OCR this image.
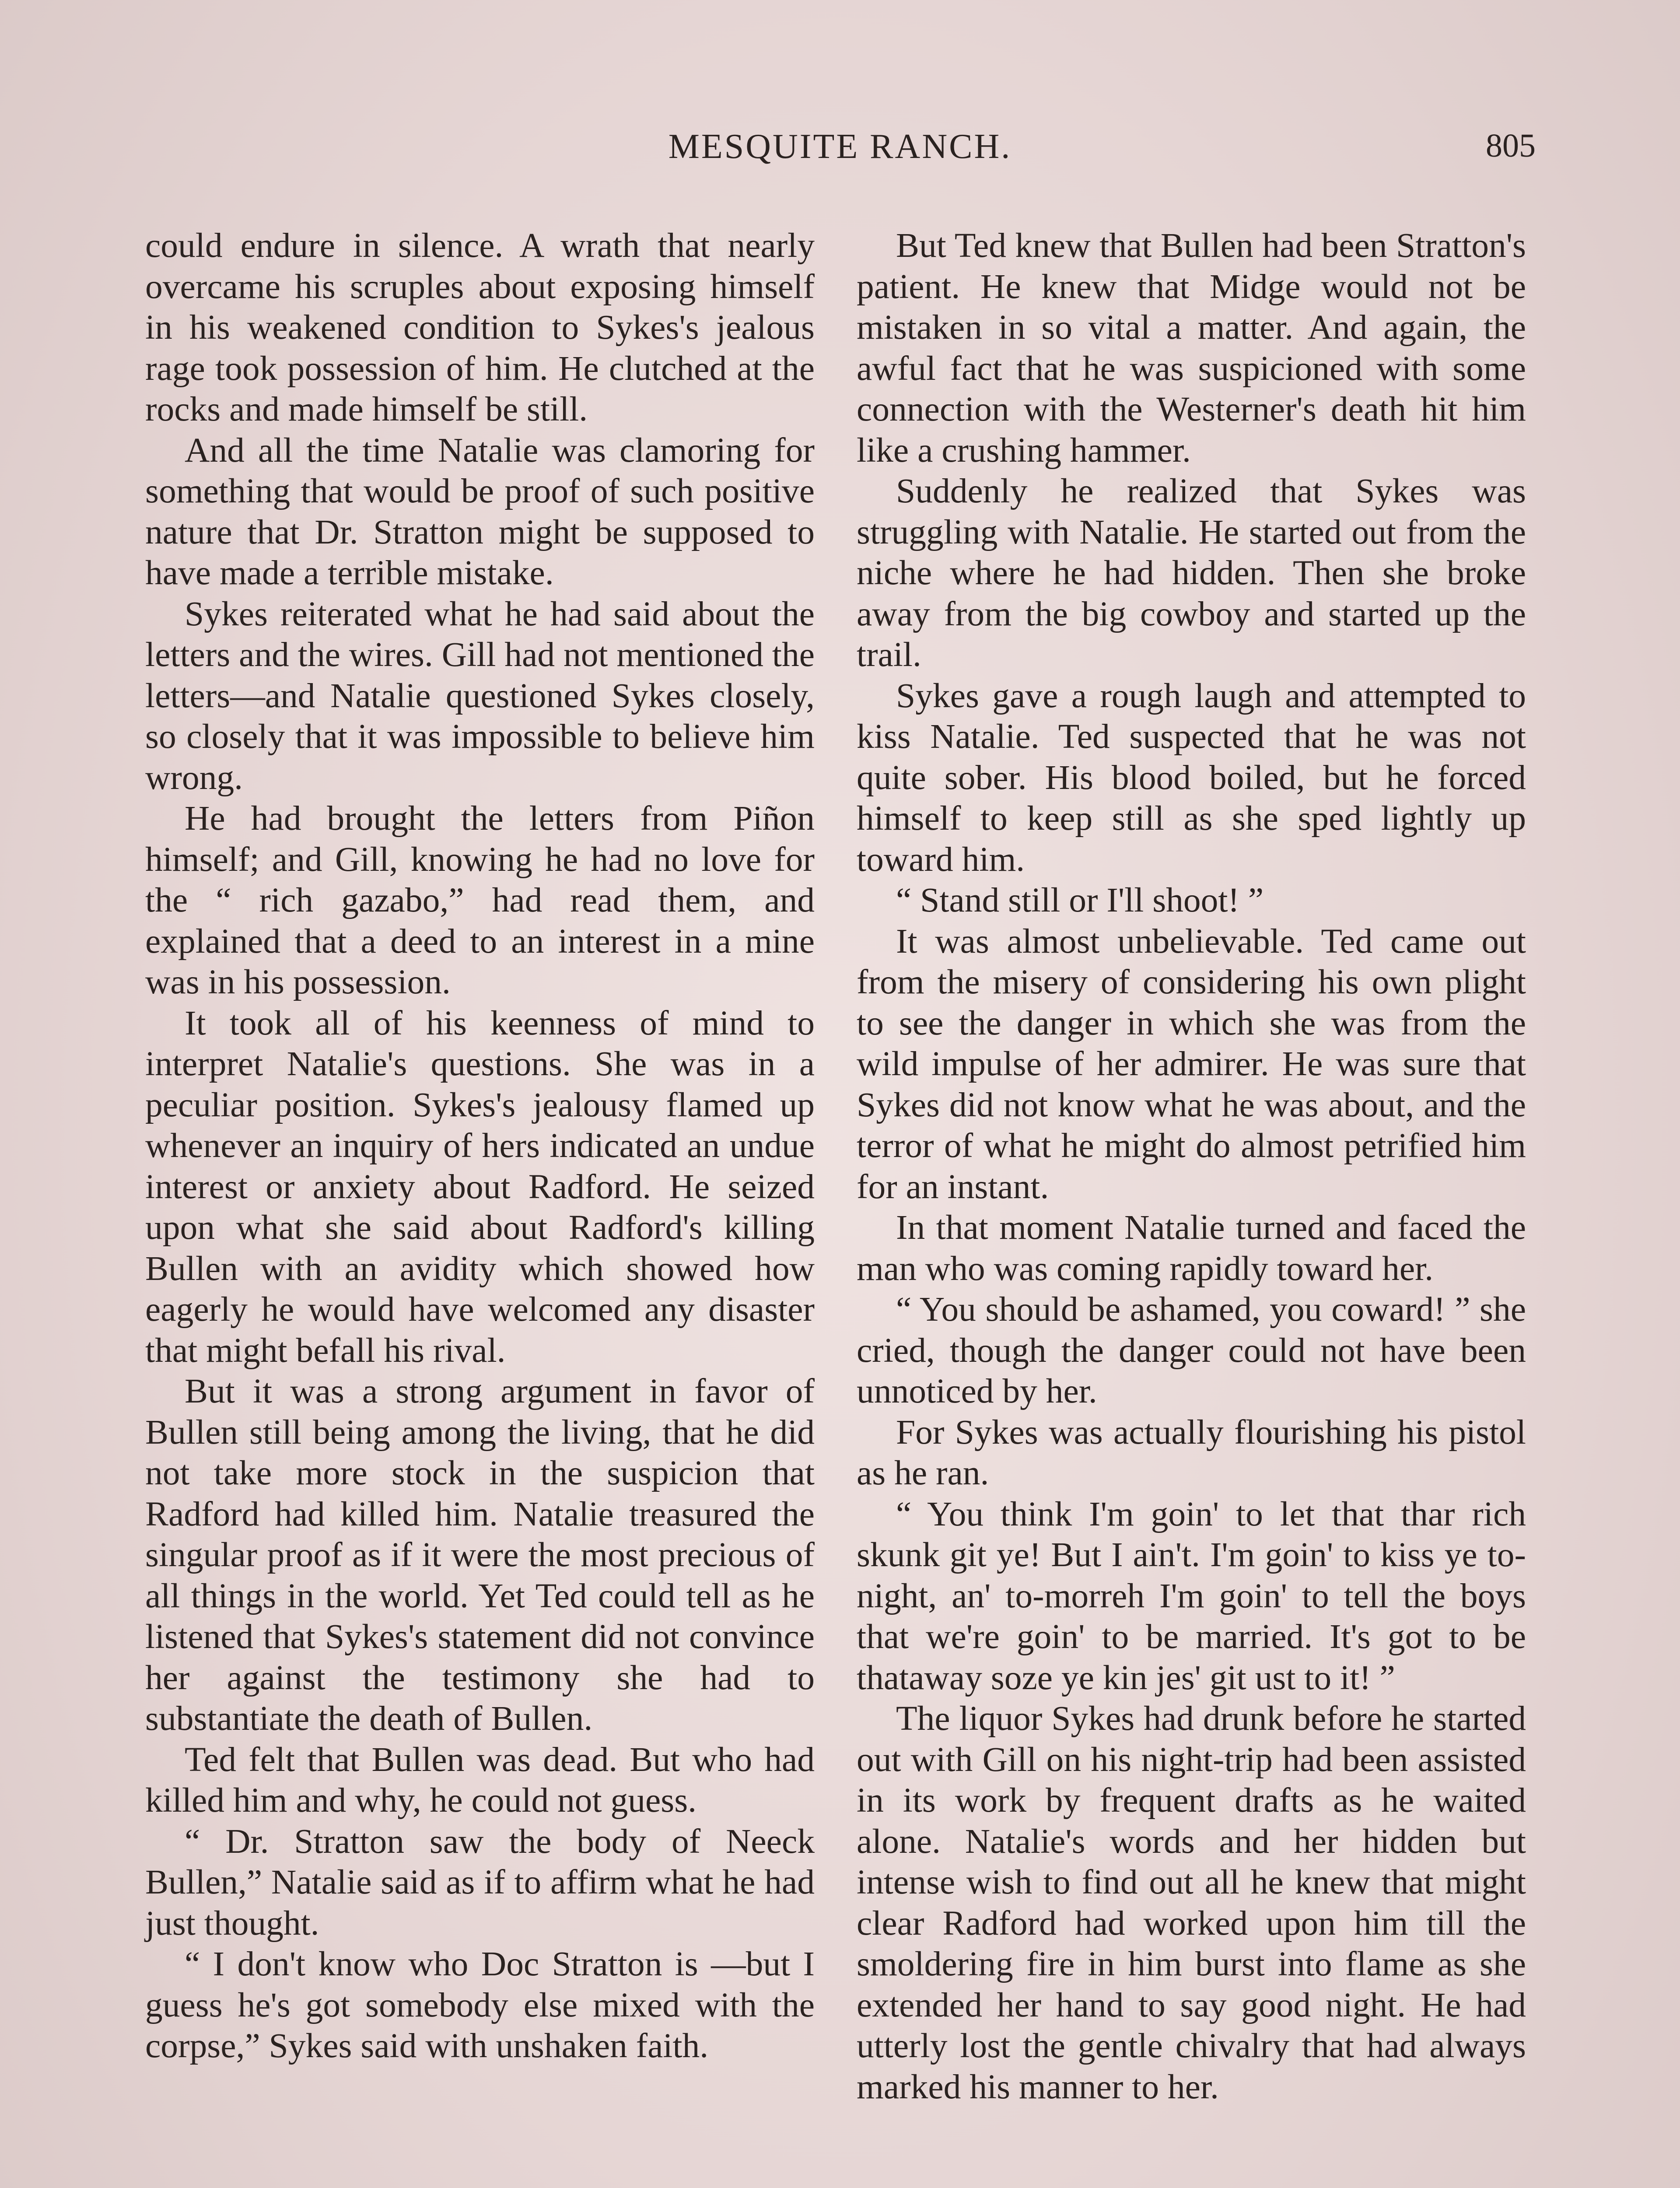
MESQUITE RANCH.	805

could endure in silence. A wrath that nearly overcame his scruples about exposing himself in his weakened condition to Sykes's jealous rage took possession of him. He clutched at the rocks and made himself be still.

And all the time Natalie was clamoring for something that would be proof of such positive nature that Dr. Stratton might be supposed to have made a terrible mistake.

Sykes reiterated what he had said about the letters and the wires. Gill had not mentioned the letters—and Natalie questioned Sykes closely, so closely that it was impossible to believe him wrong.

He had brought the letters from Piñon himself; and Gill, knowing he had no love for the “ rich gazabo,” had read them, and explained that a deed to an interest in a mine was in his possession.

It took all of his keenness of mind to interpret Natalie's questions. She was in a peculiar position. Sykes's jealousy flamed up whenever an inquiry of hers indicated an undue interest or anxiety about Radford. He seized upon what she said about Radford's killing Bullen with an avidity which showed how eagerly he would have welcomed any disaster that might befall his rival.

But it was a strong argument in favor of Bullen still being among the living, that he did not take more stock in the suspicion that Radford had killed him. Natalie treasured the singular proof as if it were the most precious of all things in the world. Yet Ted could tell as he listened that Sykes's statement did not convince her against the testimony she had to substantiate the death of Bullen.

Ted felt that Bullen was dead. But who had killed him and why, he could not guess.

“ Dr. Stratton saw the body of Neeck Bullen,” Natalie said as if to affirm what he had just thought.

“ I don't know who Doc Stratton is —but I guess he's got somebody else mixed with the corpse,” Sykes said with unshaken faith.

But Ted knew that Bullen had been Stratton's patient. He knew that Midge would not be mistaken in so vital a matter. And again, the awful fact that he was suspicioned with some connection with the Westerner's death hit him like a crushing hammer.

Suddenly he realized that Sykes was struggling with Natalie. He started out from the niche where he had hidden. Then she broke away from the big cowboy and started up the trail.

Sykes gave a rough laugh and attempted to kiss Natalie. Ted suspected that he was not quite sober. His blood boiled, but he forced himself to keep still as she sped lightly up toward him.

“ Stand still or I'll shoot! ”

It was almost unbelievable. Ted came out from the misery of considering his own plight to see the danger in which she was from the wild impulse of her admirer. He was sure that Sykes did not know what he was about, and the terror of what he might do almost petrified him for an instant.

In that moment Natalie turned and faced the man who was coming rapidly toward her.

“ You should be ashamed, you coward! ” she cried, though the danger could not have been unnoticed by her.

For Sykes was actually flourishing his pistol as he ran.

“ You think I'm goin' to let that thar rich skunk git ye! But I ain't. I'm goin' to kiss ye to-night, an' to-morreh I'm goin' to tell the boys that we're goin' to be married. It's got to be thataway soze ye kin jes' git ust to it! ”

The liquor Sykes had drunk before he started out with Gill on his night-trip had been assisted in its work by frequent drafts as he waited alone. Natalie's words and her hidden but intense wish to find out all he knew that might clear Radford had worked upon him till the smoldering fire in him burst into flame as she extended her hand to say good night. He had utterly lost the gentle chivalry that had always marked his manner to her.
